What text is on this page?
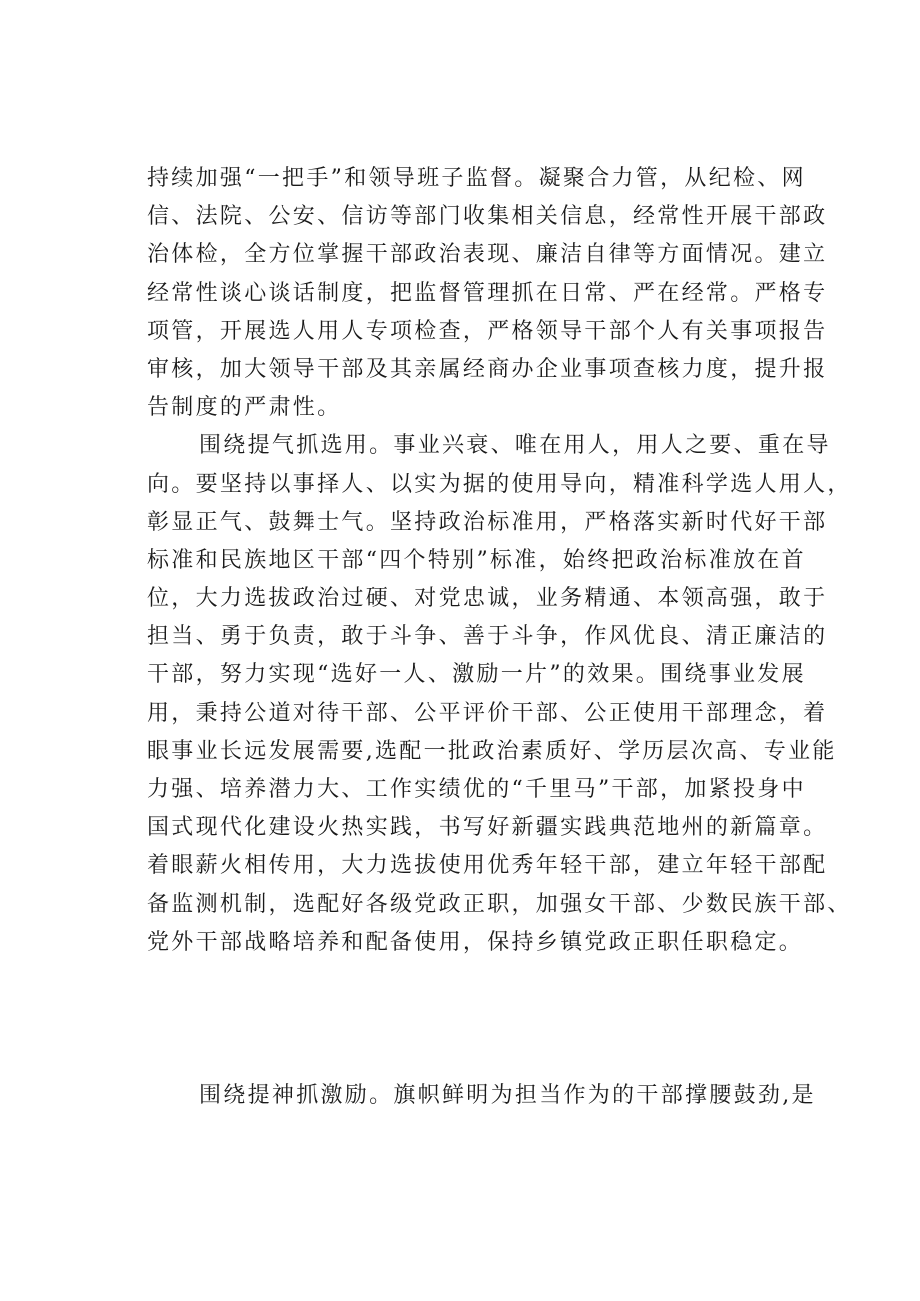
持续加强“一把手”和领导班子监督。凝聚合力管，从纪检、网
信、法院、公安、信访等部门收集相关信息，经常性开展干部政
治体检，全方位掌握干部政治表现、廉洁自律等方面情况。建立
经常性谈心谈话制度，把监督管理抓在日常、严在经常。严格专
项管，开展选人用人专项检查，严格领导干部个人有关事项报告
审核，加大领导干部及其亲属经商办企业事项查核力度，提升报
告制度的严肃性。
围绕提气抓选用。事业兴衰、唯在用人，用人之要、重在导
向。要坚持以事择人、以实为据的使用导向，精准科学选人用人，
彰显正气、鼓舞士气。坚持政治标准用，严格落实新时代好干部
标准和民族地区干部“四个特别”标准，始终把政治标准放在首
位，大力选拔政治过硬、对党忠诚，业务精通、本领高强，敢于
担当、勇于负责，敢于斗争、善于斗争，作风优良、清正廉洁的
干部，努力实现“选好一人、激励一片”的效果。围绕事业发展
用，秉持公道对待干部、公平评价干部、公正使用干部理念，着
眼事业长远发展需要,选配一批政治素质好、学历层次高、专业能
力强、培养潜力大、工作实绩优的“千里马”干部，加紧投身中
国式现代化建设火热实践，书写好新疆实践典范地州的新篇章。
着眼薪火相传用，大力选拔使用优秀年轻干部，建立年轻干部配
备监测机制，选配好各级党政正职，加强女干部、少数民族干部、
党外干部战略培养和配备使用，保持乡镇党政正职任职稳定。
围绕提神抓激励。旗帜鲜明为担当作为的干部撑腰鼓劲,是
